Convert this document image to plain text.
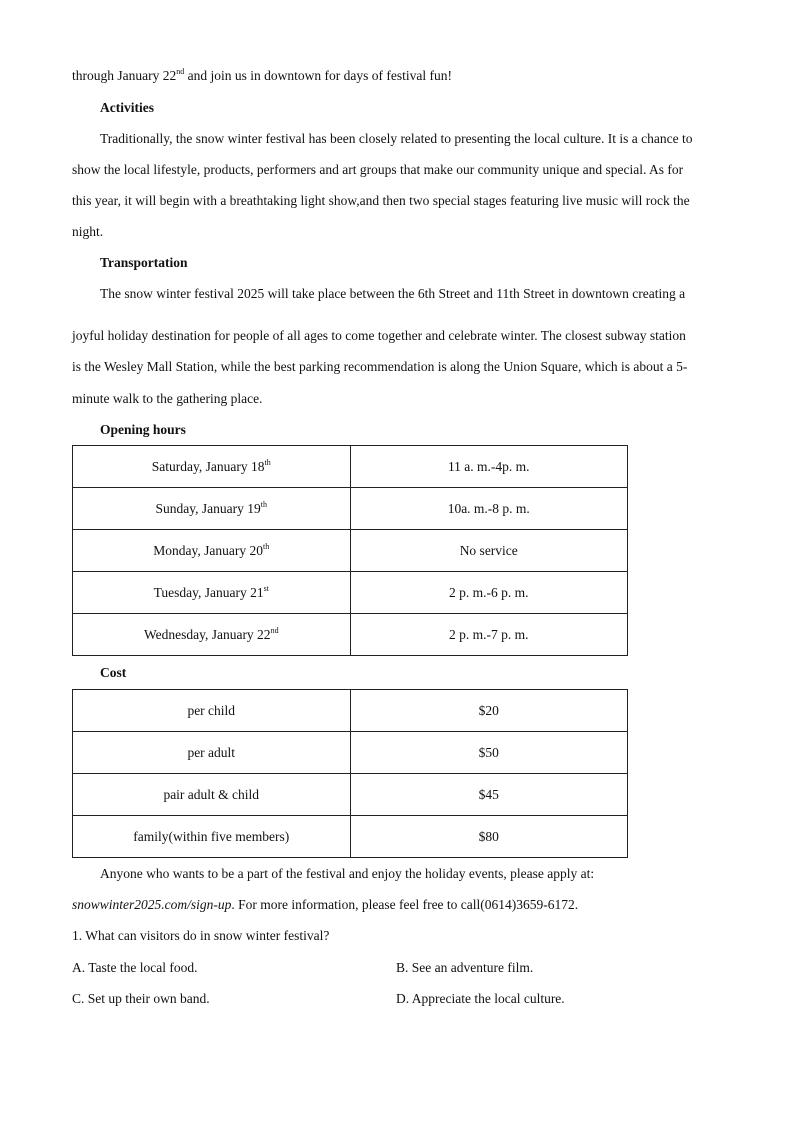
through January 22nd and join us in downtown for days of festival fun!
Activities
Traditionally, the snow winter festival has been closely related to presenting the local culture. It is a chance to
show the local lifestyle, products, performers and art groups that make our community unique and special. As for
this year, it will begin with a breathtaking light show,and then two special stages featuring live music will rock the
night.
Transportation
The snow winter festival 2025 will take place between the 6th Street and 11th Street in downtown creating a
joyful holiday destination for people of all ages to come together and celebrate winter. The closest subway station
is the Wesley Mall Station, while the best parking recommendation is along the Union Square, which is about a 5-
minute walk to the gathering place.
Opening hours
Saturday, January 18th	11 a. m.-4p. m.
Sunday, January 19th	10a. m.-8 p. m.
Monday, January 20th	No service
Tuesday, January 21st	2 p. m.-6 p. m.
Wednesday, January 22nd	2 p. m.-7 p. m.
Cost
per child	$20
per adult	$50
pair adult & child	$45
family(within five members)	$80
Anyone who wants to be a part of the festival and enjoy the holiday events, please apply at:
snowwinter2025.com/sign-up. For more information, please feel free to call(0614)3659-6172.
1. What can visitors do in snow winter festival?
A. Taste the local food.	B. See an adventure film.
C. Set up their own band.	D. Appreciate the local culture.
